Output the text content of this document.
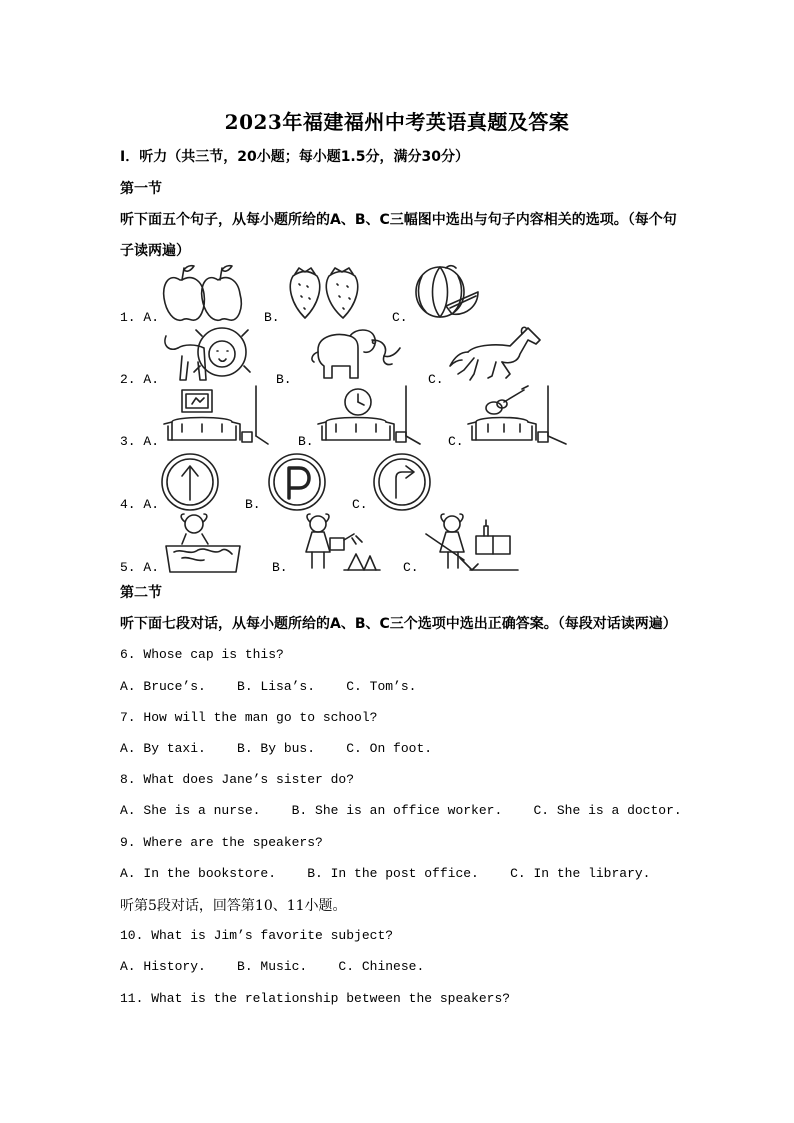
2023年福建福州中考英语真题及答案
Ⅰ．听力（共三节，20小题；每小题1.5分，满分30分）
第一节
听下面五个句子，从每小题所给的A、B、C三幅图中选出与句子内容相关的选项。（每个句
子读两遍）
1. A.	B.	C.
2. A.	B.	C.
3. A.	B.	C.
4. A.	B.	C.
5. A.	B.	C.
第二节
听下面七段对话，从每小题所给的A、B、C三个选项中选出正确答案。（每段对话读两遍）
6. Whose cap is this?
A. Bruce’s.    B. Lisa’s.    C. Tom’s.
7. How will the man go to school?
A. By taxi.    B. By bus.    C. On foot.
8. What does Jane’s sister do?
A. She is a nurse.    B. She is an office worker.    C. She is a doctor.
9. Where are the speakers?
A. In the bookstore.    B. In the post office.    C. In the library.
听第5段对话，回答第10、11小题。
10. What is Jim’s favorite subject?
A. History.    B. Music.    C. Chinese.
11. What is the relationship between the speakers?
